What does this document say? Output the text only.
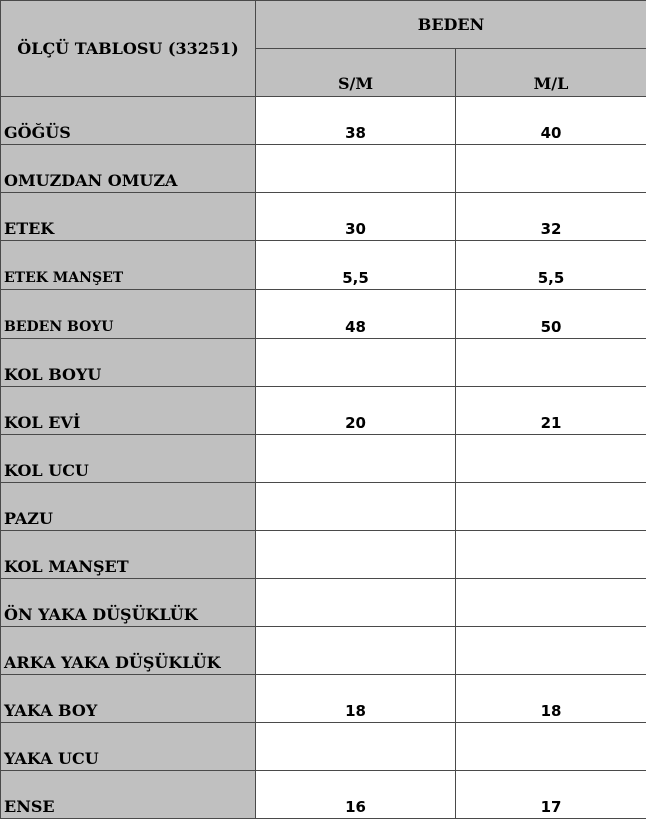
ÖLÇÜ TABLOSU (33251)	BEDEN	
	S/M	M/L
GÖĞÜS	38	40
OMUZDAN OMUZA		
ETEK	30	32
ETEK MANŞET	5,5	5,5
BEDEN BOYU	48	50
KOL BOYU		
KOL EVİ	20	21
KOL UCU		
PAZU		
KOL MANŞET		
ÖN YAKA DÜŞÜKLÜK		
ARKA YAKA DÜŞÜKLÜK		
YAKA BOY	18	18
YAKA UCU		
ENSE	16	17
